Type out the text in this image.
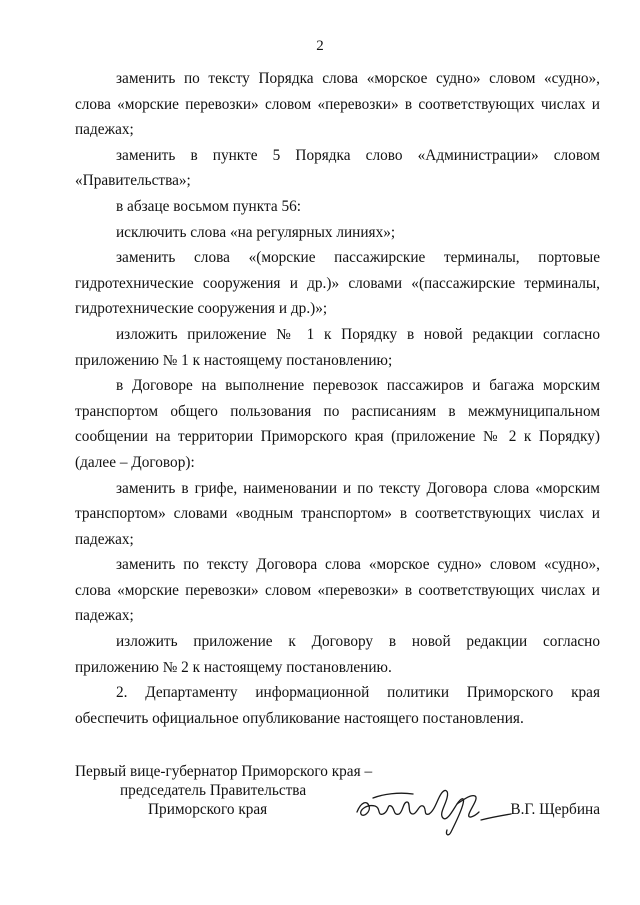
2

заменить по тексту Порядка слова «морское судно» словом «судно», слова «морские перевозки» словом «перевозки» в соответствующих числах и падежах;

заменить в пункте 5 Порядка слово «Администрации» словом «Правительства»;

в абзаце восьмом пункта 56:

исключить слова «на регулярных линиях»;

заменить слова «(морские пассажирские терминалы, портовые гидротехнические сооружения и др.)» словами «(пассажирские терминалы, гидротехнические сооружения и др.)»;

изложить приложение № 1 к Порядку в новой редакции согласно приложению № 1 к настоящему постановлению;

в Договоре на выполнение перевозок пассажиров и багажа морским транспортом общего пользования по расписаниям в межмуниципальном сообщении на территории Приморского края (приложение № 2 к Порядку) (далее – Договор):

заменить в грифе, наименовании и по тексту Договора слова «морским транспортом» словами «водным транспортом» в соответствующих числах и падежах;

заменить по тексту Договора слова «морское судно» словом «судно», слова «морские перевозки» словом «перевозки» в соответствующих числах и падежах;

изложить приложение к Договору в новой редакции согласно приложению № 2 к настоящему постановлению.

2. Департаменту информационной политики Приморского края обеспечить официальное опубликование настоящего постановления.

Первый вице-губернатор Приморского края –
председатель Правительства
Приморского края	В.Г. Щербина
